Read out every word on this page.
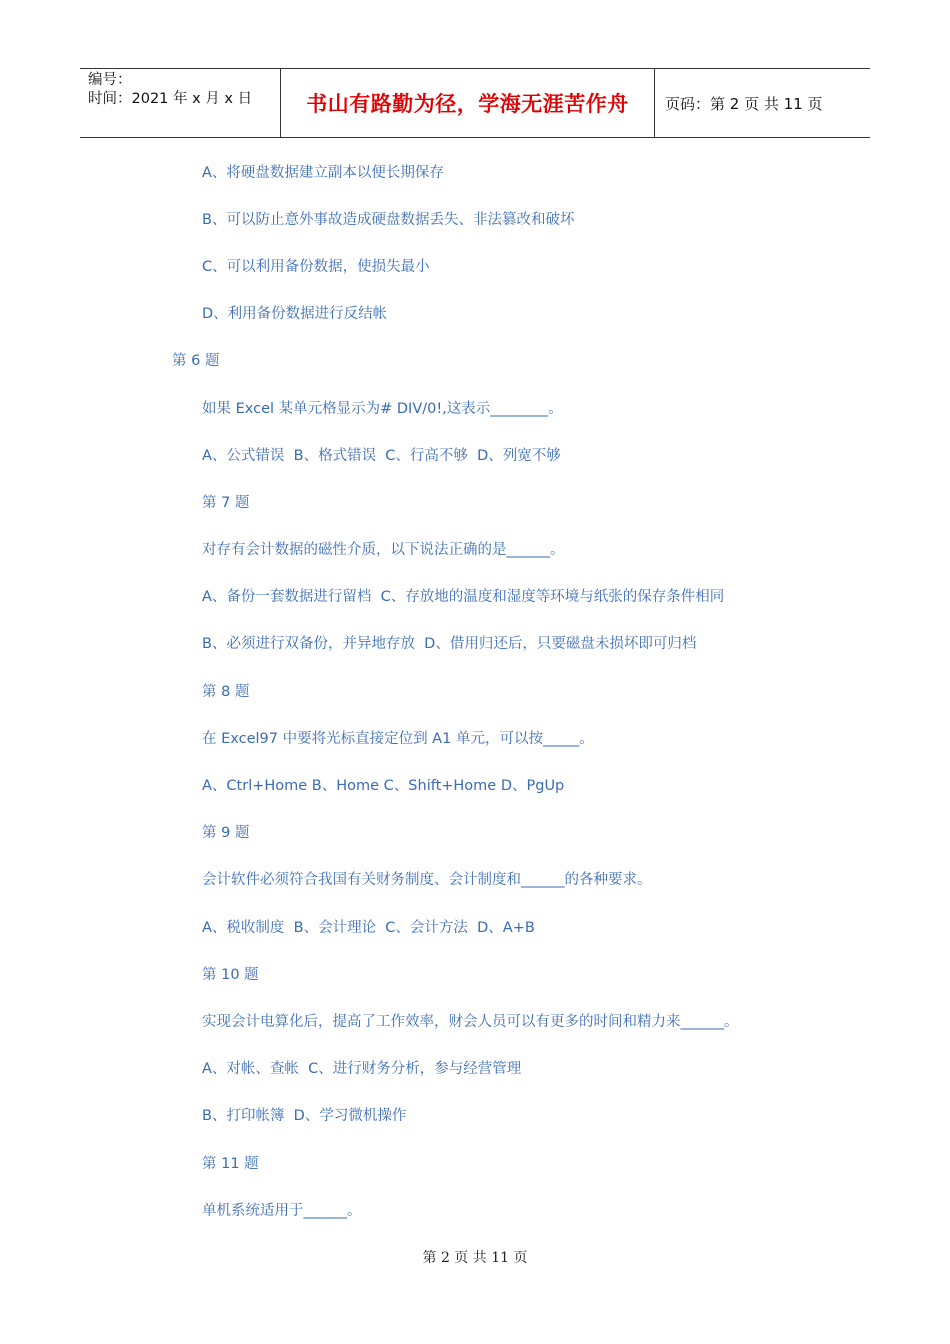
编号：
时间：2021 年 x 月 x 日	书山有路勤为径，学海无涯苦作舟	页码：第 2 页 共 11 页
A、将硬盘数据建立副本以便长期保存
B、可以防止意外事故造成硬盘数据丢失、非法篡改和破坏
C、可以利用备份数据，使损失最小
D、利用备份数据进行反结帐
第 6 题
如果 Excel 某单元格显示为# DIV/0!,这表示________。
A、公式错误  B、格式错误  C、行高不够  D、列宽不够
第 7 题
对存有会计数据的磁性介质，以下说法正确的是______。
A、备份一套数据进行留档  C、存放地的温度和湿度等环境与纸张的保存条件相同
B、必须进行双备份，并异地存放  D、借用归还后，只要磁盘未损坏即可归档
第 8 题
在 Excel97 中要将光标直接定位到 A1 单元，可以按_____。
A、Ctrl+Home B、Home C、Shift+Home D、PgUp
第 9 题
会计软件必须符合我国有关财务制度、会计制度和______的各种要求。
A、税收制度  B、会计理论  C、会计方法  D、A+B
第 10 题
实现会计电算化后，提高了工作效率，财会人员可以有更多的时间和精力来______。
A、对帐、查帐  C、进行财务分析，参与经营管理
B、打印帐簿  D、学习微机操作
第 11 题
单机系统适用于______。
第 2 页 共 11 页
